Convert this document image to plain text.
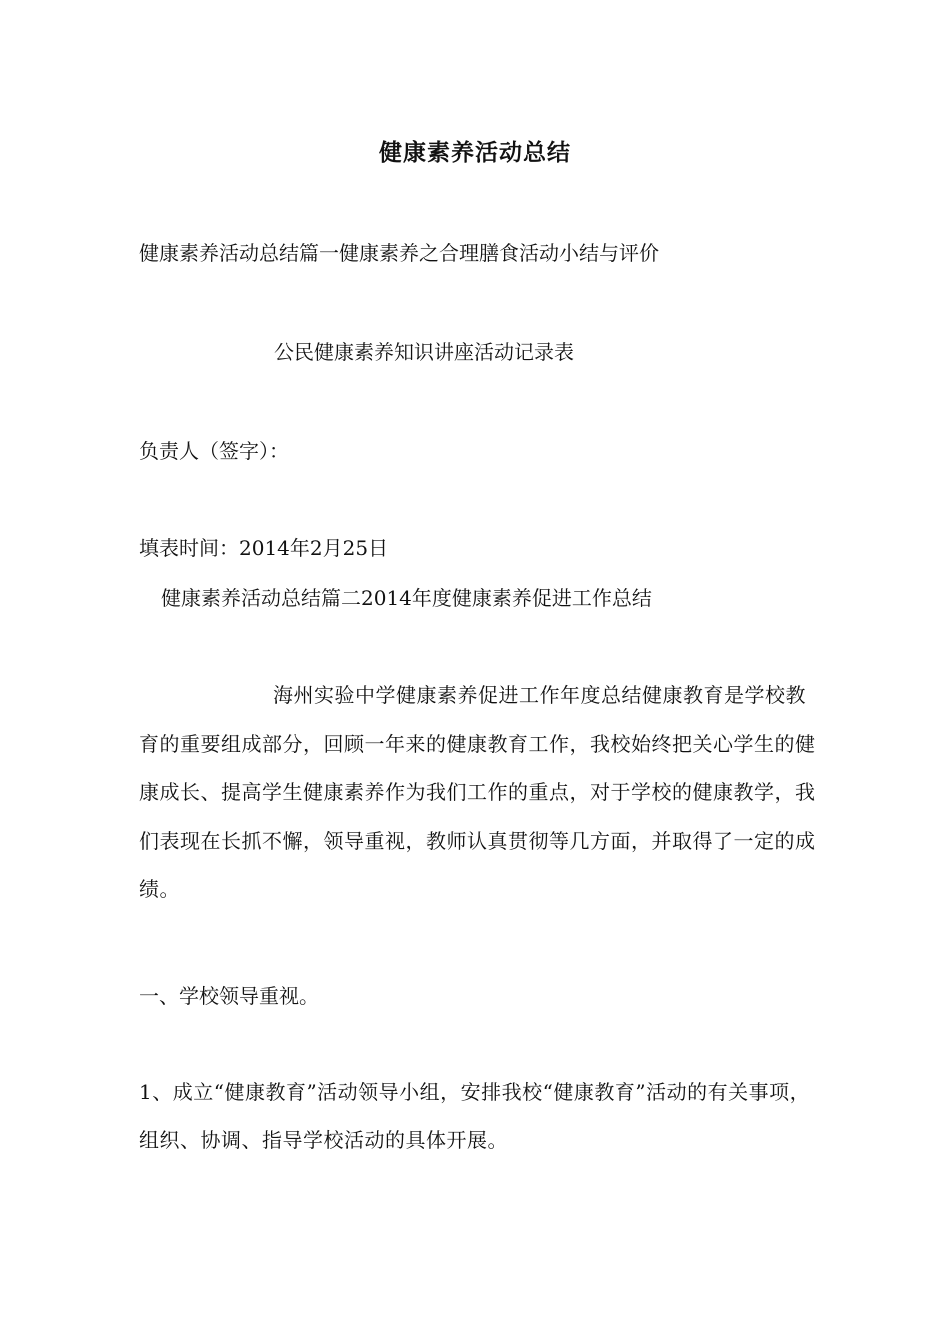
健康素养活动总结

健康素养活动总结篇一健康素养之合理膳食活动小结与评价

公民健康素养知识讲座活动记录表

负责人（签字）：

填表时间：2014年2月25日

健康素养活动总结篇二2014年度健康素养促进工作总结

海州实验中学健康素养促进工作年度总结健康教育是学校教育的重要组成部分，回顾一年来的健康教育工作，我校始终把关心学生的健康成长、提高学生健康素养作为我们工作的重点，对于学校的健康教学，我们表现在长抓不懈，领导重视，教师认真贯彻等几方面，并取得了一定的成绩。

一、学校领导重视。

1、成立“健康教育”活动领导小组，安排我校“健康教育”活动的有关事项，组织、协调、指导学校活动的具体开展。
